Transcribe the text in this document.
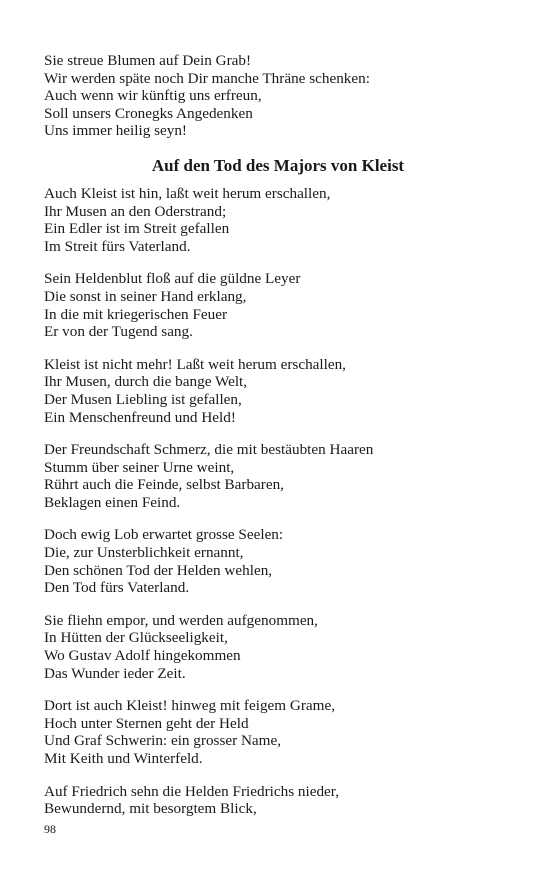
Sie streue Blumen auf Dein Grab!
Wir werden späte noch Dir manche Thräne schenken:
Auch wenn wir künftig uns erfreun,
Soll unsers Cronegks Angedenken
Uns immer heilig seyn!
Auf den Tod des Majors von Kleist
Auch Kleist ist hin, laßt weit herum erschallen,
Ihr Musen an den Oderstrand;
Ein Edler ist im Streit gefallen
Im Streit fürs Vaterland.
Sein Heldenblut floß auf die güldne Leyer
Die sonst in seiner Hand erklang,
In die mit kriegerischen Feuer
Er von der Tugend sang.
Kleist ist nicht mehr! Laßt weit herum erschallen,
Ihr Musen, durch die bange Welt,
Der Musen Liebling ist gefallen,
Ein Menschenfreund und Held!
Der Freundschaft Schmerz, die mit bestäubten Haaren
Stumm über seiner Urne weint,
Rührt auch die Feinde, selbst Barbaren,
Beklagen einen Feind.
Doch ewig Lob erwartet grosse Seelen:
Die, zur Unsterblichkeit ernannt,
Den schönen Tod der Helden wehlen,
Den Tod fürs Vaterland.
Sie fliehn empor, und werden aufgenommen,
In Hütten der Glückseeligkeit,
Wo Gustav Adolf hingekommen
Das Wunder ieder Zeit.
Dort ist auch Kleist! hinweg mit feigem Grame,
Hoch unter Sternen geht der Held
Und Graf Schwerin: ein grosser Name,
Mit Keith und Winterfeld.
Auf Friedrich sehn die Helden Friedrichs nieder,
Bewundernd, mit besorgtem Blick,
98
